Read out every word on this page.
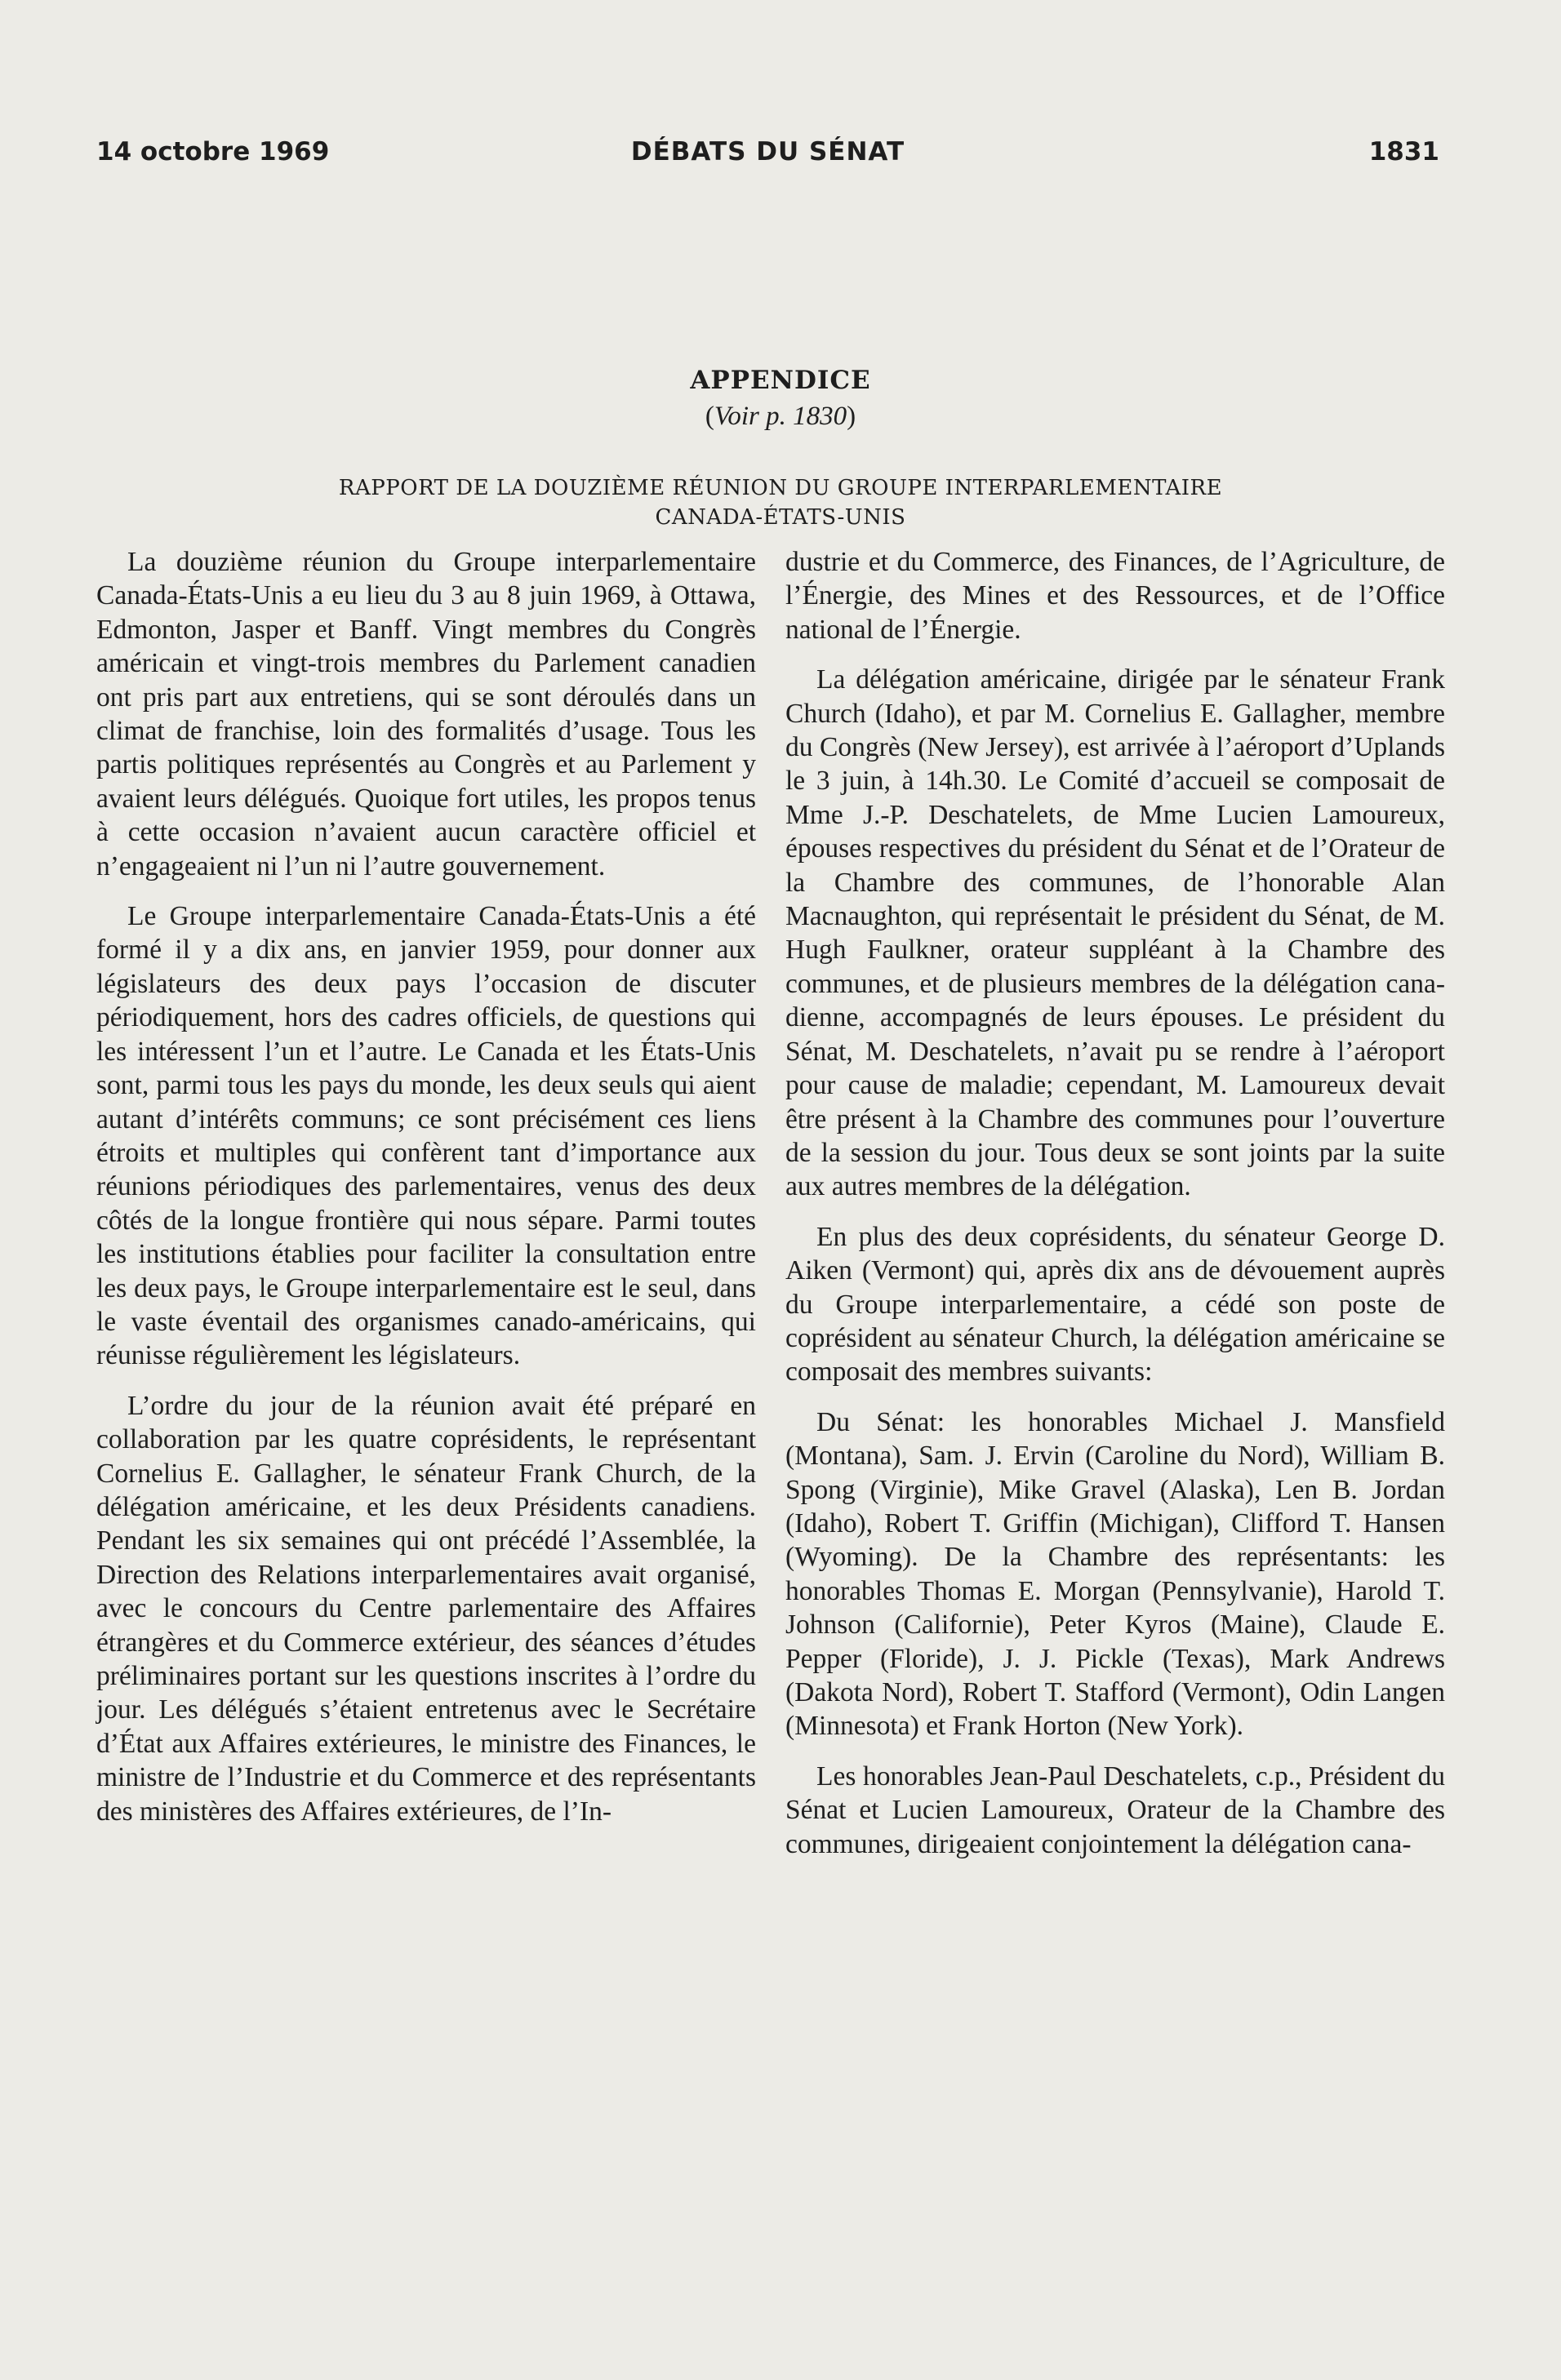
14 octobre 1969	DÉBATS DU SÉNAT	1831
APPENDICE
(Voir p. 1830)
RAPPORT DE LA DOUZIÈME RÉUNION DU GROUPE INTERPARLEMENTAIRE
CANADA-ÉTATS-UNIS

La douzième réunion du Groupe interparlementaire Canada-États-Unis a eu lieu du 3 au 8 juin 1969, à Ottawa, Edmonton, Jasper et Banff. Vingt membres du Congrès américain et vingt-trois membres du Parlement canadien ont pris part aux entretiens, qui se sont déroulés dans un climat de franchise, loin des formalités d’usage. Tous les partis politiques représentés au Congrès et au Parlement y avaient leurs délégués. Quoique fort utiles, les propos tenus à cette occasion n’avaient aucun caractère officiel et n’engageaient ni l’un ni l’autre gouvernement.

Le Groupe interparlementaire Canada-États-Unis a été formé il y a dix ans, en janvier 1959, pour donner aux législateurs des deux pays l’occasion de discuter périodiquement, hors des cadres officiels, de questions qui les intéressent l’un et l’autre. Le Canada et les États-Unis sont, parmi tous les pays du monde, les deux seuls qui aient autant d’intérêts communs; ce sont précisément ces liens étroits et multiples qui confèrent tant d’importance aux réunions périodiques des parlementaires, venus des deux côtés de la longue frontière qui nous sépare. Parmi toutes les institutions établies pour faciliter la consultation entre les deux pays, le Groupe interparlementaire est le seul, dans le vaste éventail des organismes canado-américains, qui réunisse régulièrement les législateurs.

L’ordre du jour de la réunion avait été préparé en collaboration par les quatre coprésidents, le représentant Cornelius E. Gallagher, le sénateur Frank Church, de la délégation américaine, et les deux Présidents canadiens. Pendant les six semaines qui ont précédé l’Assemblée, la Direction des Relations interparlementaires avait organisé, avec le concours du Centre parlementaire des Affaires étrangères et du Commerce extérieur, des séances d’études préliminaires portant sur les questions inscrites à l’ordre du jour. Les délégués s’étaient entretenus avec le Secrétaire d’État aux Affaires extérieures, le ministre des Finances, le ministre de l’Industrie et du Commerce et des représentants des ministères des Affaires extérieures, de l’In-

dustrie et du Commerce, des Finances, de l’Agriculture, de l’Énergie, des Mines et des Ressources, et de l’Office national de l’Énergie.

La délégation américaine, dirigée par le sénateur Frank Church (Idaho), et par M. Cornelius E. Gallagher, membre du Congrès (New Jersey), est arrivée à l’aéroport d’Uplands le 3 juin, à 14h.30. Le Comité d’accueil se composait de Mme J.-P. Deschatelets, de Mme Lucien Lamoureux, épouses respectives du président du Sénat et de l’Orateur de la Chambre des communes, de l’honorable Alan Macnaughton, qui représentait le président du Sénat, de M. Hugh Faulkner, orateur suppléant à la Chambre des communes, et de plusieurs membres de la délégation canadienne, accompagnés de leurs épouses. Le président du Sénat, M. Deschatelets, n’avait pu se rendre à l’aéroport pour cause de maladie; cependant, M. Lamoureux devait être présent à la Chambre des communes pour l’ouverture de la session du jour. Tous deux se sont joints par la suite aux autres membres de la délégation.

En plus des deux coprésidents, du sénateur George D. Aiken (Vermont) qui, après dix ans de dévouement auprès du Groupe interparlementaire, a cédé son poste de coprésident au sénateur Church, la délégation américaine se composait des membres suivants:

Du Sénat: les honorables Michael J. Mansfield (Montana), Sam. J. Ervin (Caroline du Nord), William B. Spong (Virginie), Mike Gravel (Alaska), Len B. Jordan (Idaho), Robert T. Griffin (Michigan), Clifford T. Hansen (Wyoming). De la Chambre des représentants: les honorables Thomas E. Morgan (Pennsylvanie), Harold T. Johnson (Californie), Peter Kyros (Maine), Claude E. Pepper (Floride), J. J. Pickle (Texas), Mark Andrews (Dakota Nord), Robert T. Stafford (Vermont), Odin Langen (Minnesota) et Frank Horton (New York).

Les honorables Jean-Paul Deschatelets, c.p., Président du Sénat et Lucien Lamoureux, Orateur de la Chambre des communes, dirigeaient conjointement la délégation cana-
